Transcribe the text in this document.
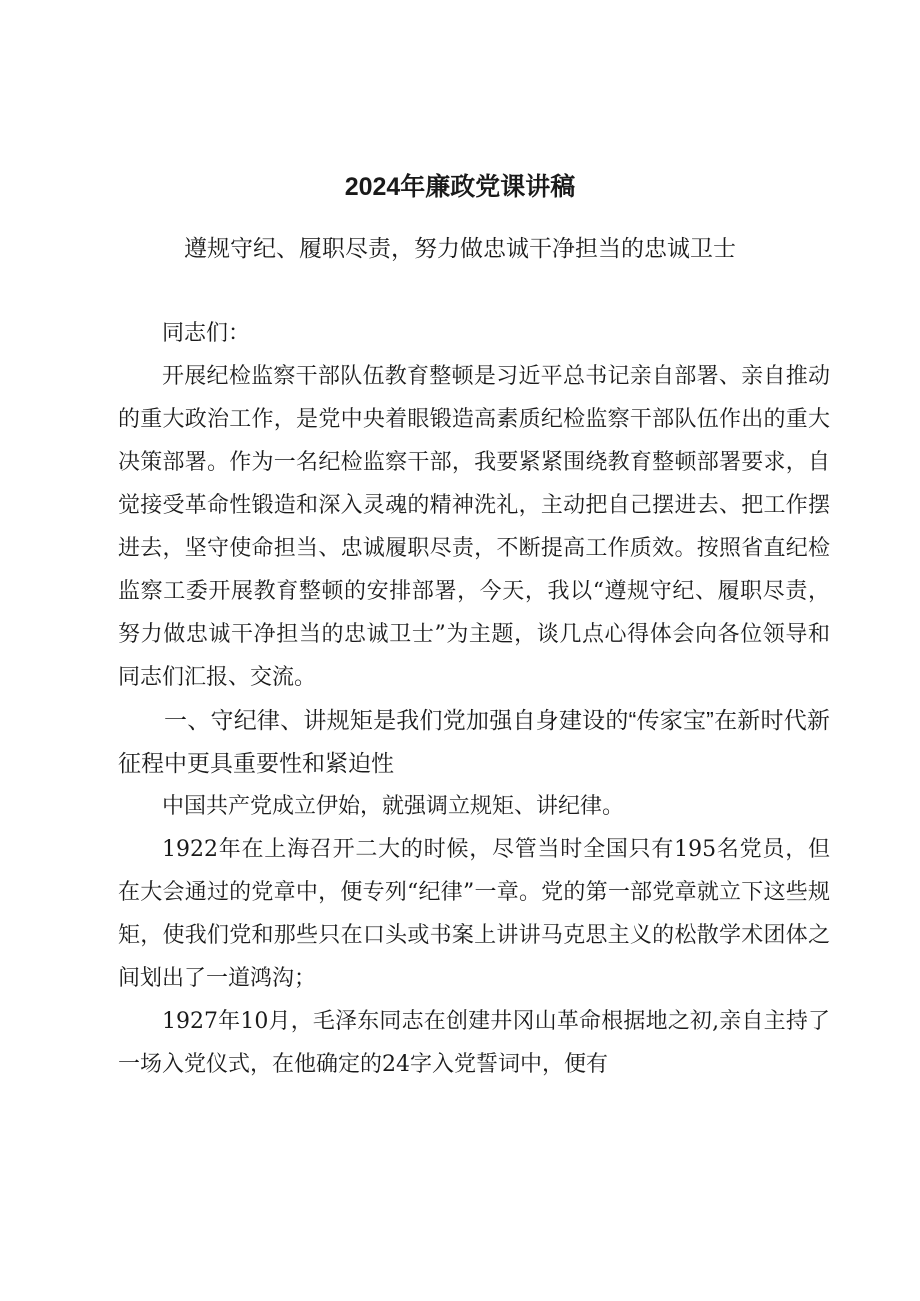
2024年廉政党课讲稿
遵规守纪、履职尽责，努力做忠诚干净担当的忠诚卫士

同志们：

开展纪检监察干部队伍教育整顿是习近平总书记亲自部署、亲自推动的重大政治工作，是党中央着眼锻造高素质纪检监察干部队伍作出的重大决策部署。作为一名纪检监察干部，我要紧紧围绕教育整顿部署要求，自觉接受革命性锻造和深入灵魂的精神洗礼，主动把自己摆进去、把工作摆进去，坚守使命担当、忠诚履职尽责，不断提高工作质效。按照省直纪检监察工委开展教育整顿的安排部署，今天，我以“遵规守纪、履职尽责，努力做忠诚干净担当的忠诚卫士”为主题，谈几点心得体会向各位领导和同志们汇报、交流。

一、守纪律、讲规矩是我们党加强自身建设的“传家宝”在新时代新征程中更具重要性和紧迫性

中国共产党成立伊始，就强调立规矩、讲纪律。

1922年在上海召开二大的时候，尽管当时全国只有195名党员，但在大会通过的党章中，便专列“纪律”一章。党的第一部党章就立下这些规矩，使我们党和那些只在口头或书案上讲讲马克思主义的松散学术团体之间划出了一道鸿沟；

1927年10月，毛泽东同志在创建井冈山革命根据地之初,亲自主持了一场入党仪式，在他确定的24字入党誓词中，便有
